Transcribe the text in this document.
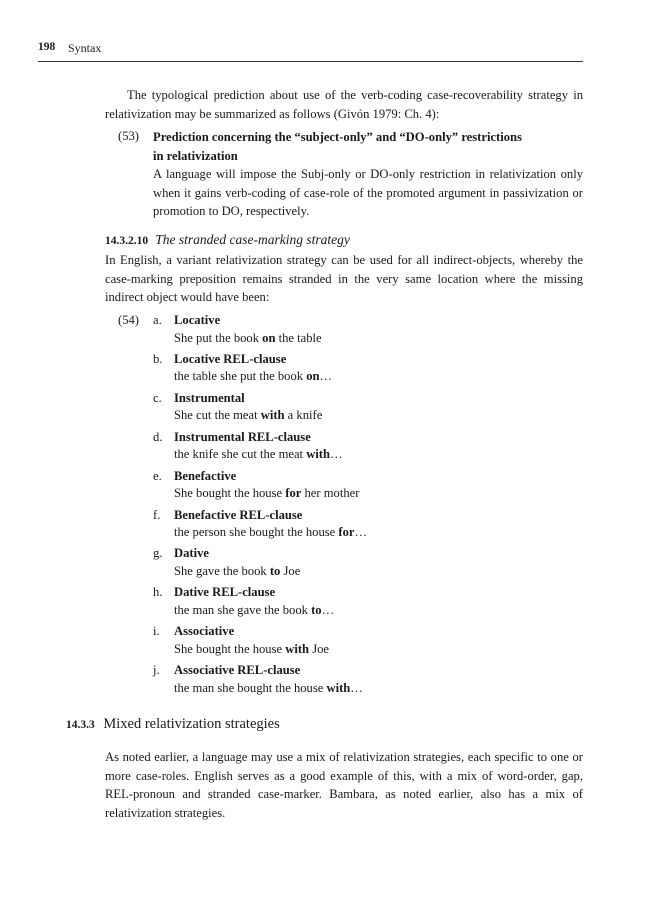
198 Syntax

The typological prediction about use of the verb-coding case-recoverability strategy in relativization may be summarized as follows (Givón 1979: Ch. 4):

(53) Prediction concerning the “subject-only” and “DO-only” restrictions
in relativization
A language will impose the Subj-only or DO-only restriction in relativization only when it gains verb-coding of case-role of the promoted argument in passivization or promotion to DO, respectively.
14.3.2.10 The stranded case-marking strategy

In English, a variant relativization strategy can be used for all indirect-objects, whereby the case-marking preposition remains stranded in the very same location where the missing indirect object would have been:

(54) a. Locative
She put the book on the table
b. Locative REL-clause
the table she put the book on…
c. Instrumental
She cut the meat with a knife
d. Instrumental REL-clause
the knife she cut the meat with…
e. Benefactive
She bought the house for her mother
f.	Benefactive REL-clause
the person she bought the house for…
g. Dative
She gave the book to Joe
h. Dative REL-clause
the man she gave the book to…
i.	Associative
She bought the house with Joe
j.	Associative REL-clause
the man she bought the house with…
14.3.3 Mixed relativization strategies

As noted earlier, a language may use a mix of relativization strategies, each specific to one or more case-roles. English serves as a good example of this, with a mix of word-order, gap, REL-pronoun and stranded case-marker. Bambara, as noted earlier, also has a mix of relativization strategies.
